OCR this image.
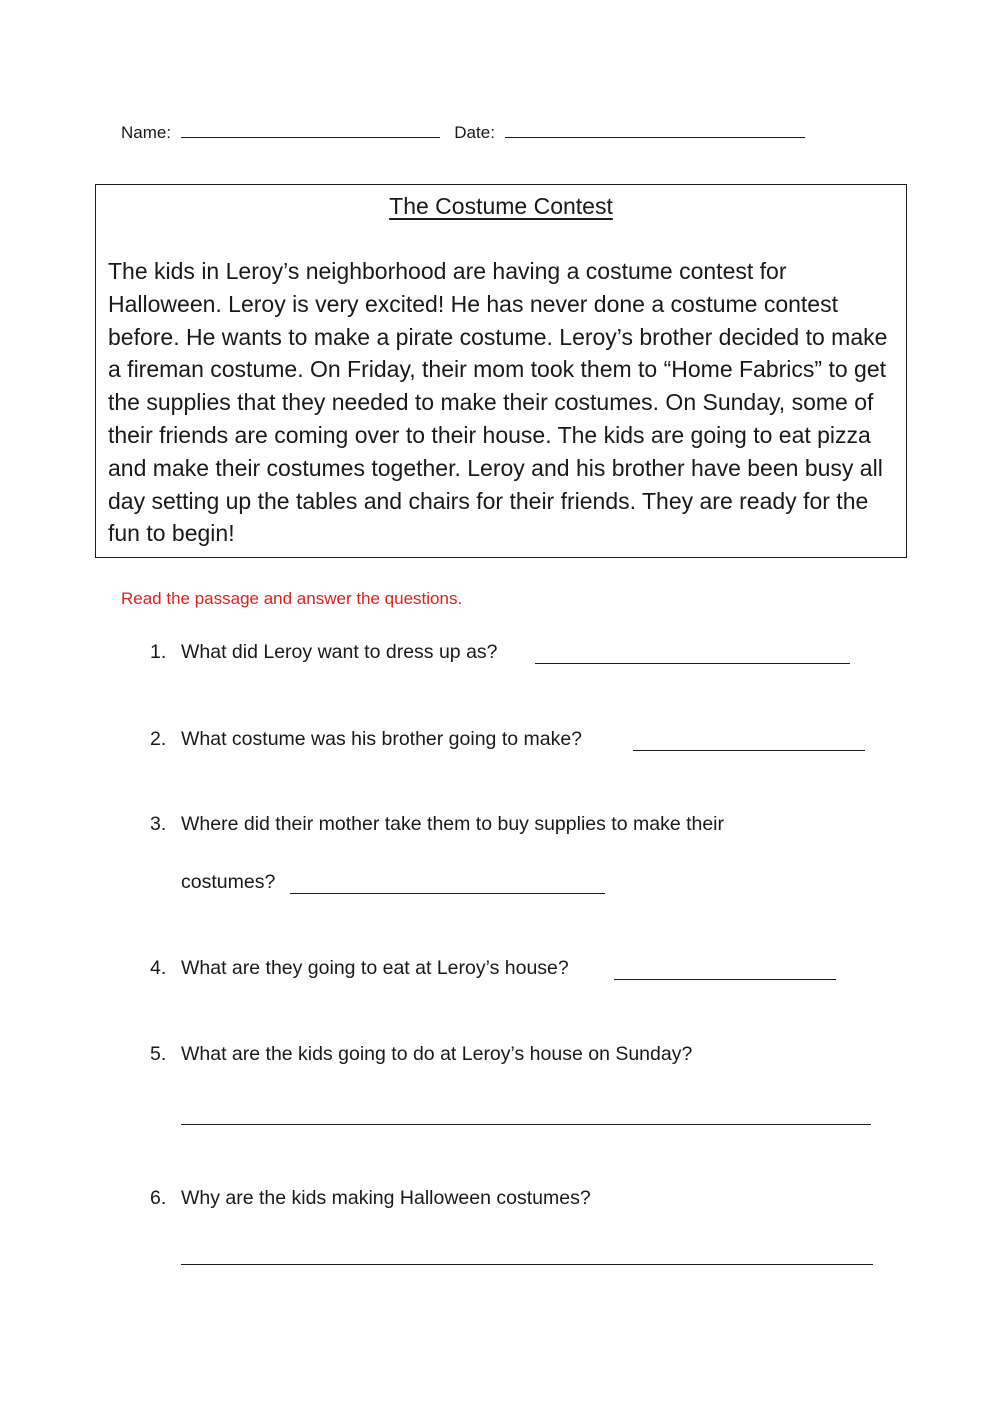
Name:	Date:
The Costume Contest

The kids in Leroy’s neighborhood are having a costume contest for Halloween. Leroy is very excited! He has never done a costume contest before. He wants to make a pirate costume. Leroy’s brother decided to make a fireman costume. On Friday, their mom took them to “Home Fabrics” to get the supplies that they needed to make their costumes. On Sunday, some of their friends are coming over to their house. The kids are going to eat pizza and make their costumes together. Leroy and his brother have been busy all day setting up the tables and chairs for their friends. They are ready for the fun to begin!

Read the passage and answer the questions.
1. What did Leroy want to dress up as?
2. What costume was his brother going to make?
3. Where did their mother take them to buy supplies to make their
costumes?
4. What are they going to eat at Leroy’s house?
5. What are the kids going to do at Leroy’s house on Sunday?
6. Why are the kids making Halloween costumes?
